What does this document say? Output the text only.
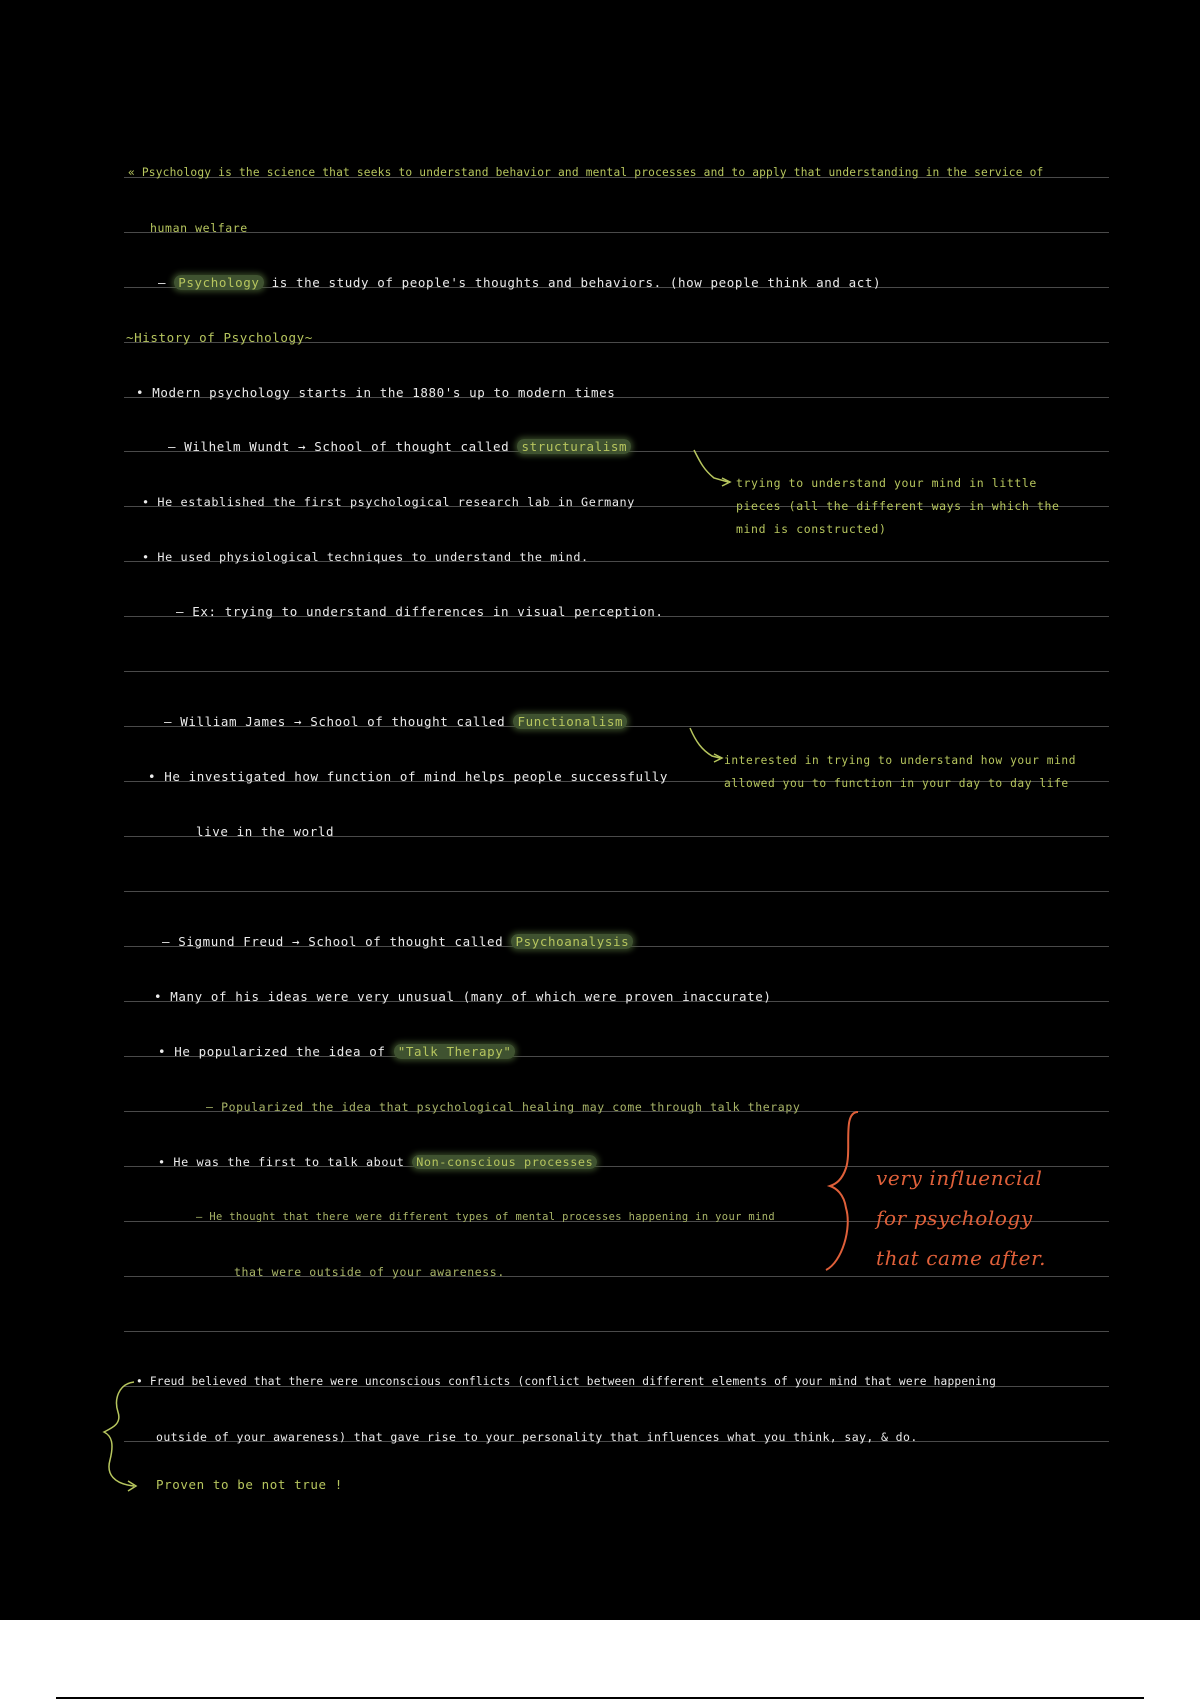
« Psychology is the science that seeks to understand behavior and mental processes and to apply that understanding in the service of
human welfare
– Psychology is the study of people's thoughts and behaviors. (how people think and act)
~History of Psychology~
• Modern psychology starts in the 1880's up to modern times
– Wilhelm Wundt → School of thought called structuralism
• He established the first psychological research lab in Germany
• He used physiological techniques to understand the mind.
– Ex: trying to understand differences in visual perception.
– William James → School of thought called Functionalism
• He investigated how function of mind helps people successfully
live in the world
– Sigmund Freud → School of thought called Psychoanalysis
• Many of his ideas were very unusual (many of which were proven inaccurate)
• He popularized the idea of "Talk Therapy"
– Popularized the idea that psychological healing may come through talk therapy
• He was the first to talk about Non-conscious processes
– He thought that there were different types of mental processes happening in your mind
that were outside of your awareness.
• Freud believed that there were unconscious conflicts (conflict between different elements of your mind that were happening
outside of your awareness) that gave rise to your personality that influences what you think, say, & do.
Proven to be not true !
trying to understand your mind in little pieces (all the different ways in which the mind is constructed)
interested in trying to understand how your mind allowed you to function in your day to day life
very influencial for psychology that came after.
